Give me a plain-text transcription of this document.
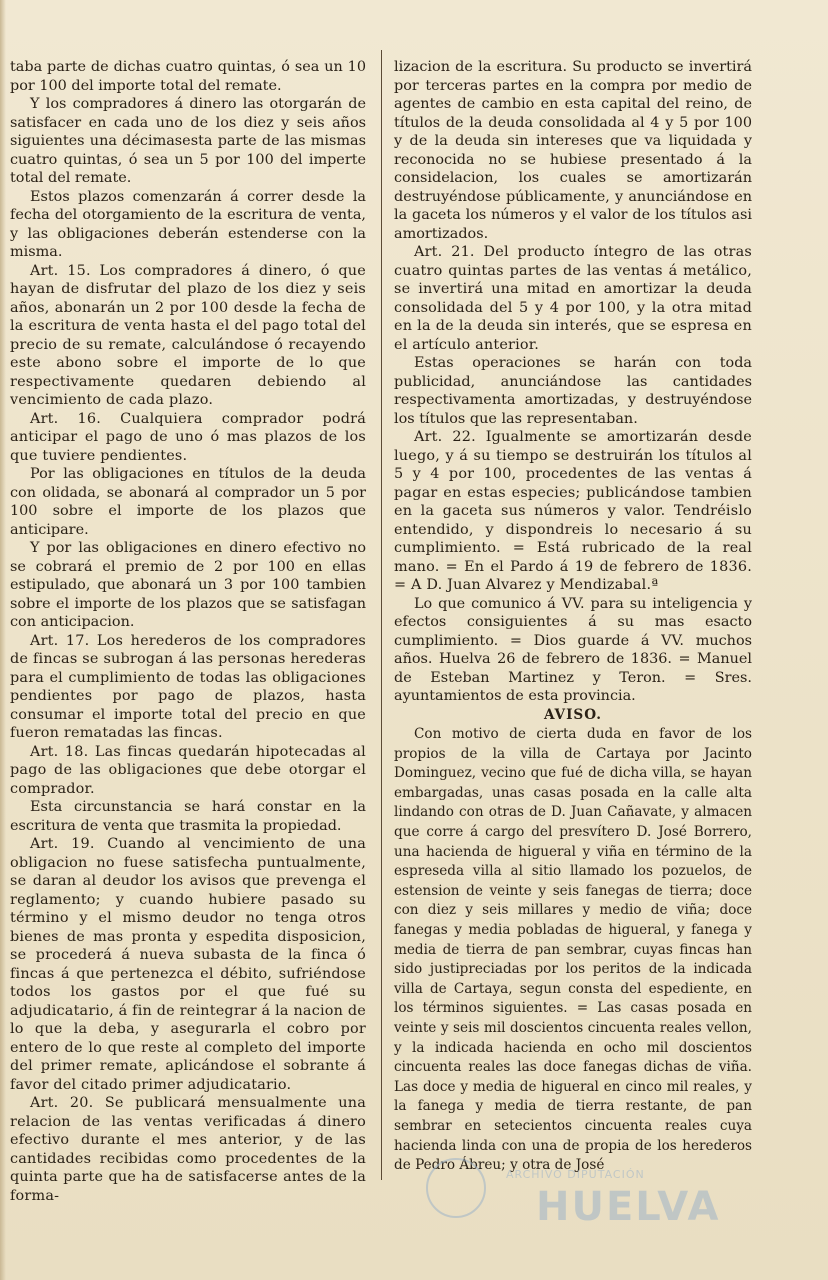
taba parte de dichas cuatro quintas, ó sea un 10 por 100 del importe total del remate.

Y los compradores á dinero las otorgarán de satisfacer en cada uno de los diez y seis años siguientes una décimasesta parte de las mismas cuatro quintas, ó sea un 5 por 100 del imperte total del remate.

Estos plazos comenzarán á correr desde la fecha del otorgamiento de la escritura de venta, y las obligaciones deberán estenderse con la misma.

Art. 15. Los compradores á dinero, ó que hayan de disfrutar del plazo de los diez y seis años, abonarán un 2 por 100 desde la fecha de la escritura de venta hasta el del pago total del precio de su remate, calculándose ó recayendo este abono sobre el importe de lo que respectivamente quedaren debiendo al vencimiento de cada plazo.

Art. 16. Cualquiera comprador podrá anticipar el pago de uno ó mas plazos de los que tuviere pendientes.

Por las obligaciones en títulos de la deuda con olidada, se abonará al comprador un 5 por 100 sobre el importe de los plazos que anticipare.

Y por las obligaciones en dinero efectivo no se cobrará el premio de 2 por 100 en ellas estipulado, que abonará un 3 por 100 tambien sobre el importe de los plazos que se satisfagan con anticipacion.

Art. 17. Los herederos de los compradores de fincas se subrogan á las personas herederas para el cumplimiento de todas las obligaciones pendientes por pago de plazos, hasta consumar el importe total del precio en que fueron rematadas las fincas.

Art. 18. Las fincas quedarán hipotecadas al pago de las obligaciones que debe otorgar el comprador.

Esta circunstancia se hará constar en la escritura de venta que trasmita la propiedad.

Art. 19. Cuando al vencimiento de una obligacion no fuese satisfecha puntualmente, se daran al deudor los avisos que prevenga el reglamento; y cuando hubiere pasado su término y el mismo deudor no tenga otros bienes de mas pronta y espedita disposicion, se procederá á nueva subasta de la finca ó fincas á que pertenezca el débito, sufriéndose todos los gastos por el que fué su adjudicatario, á fin de reintegrar á la nacion de lo que la deba, y asegurarla el cobro por entero de lo que reste al completo del importe del primer remate, aplicándose el sobrante á favor del citado primer adjudicatario.

Art. 20. Se publicará mensualmente una relacion de las ventas verificadas á dinero efectivo durante el mes anterior, y de las cantidades recibidas como procedentes de la quinta parte que ha de satisfacerse antes de la forma-

lizacion de la escritura. Su producto se invertirá por terceras partes en la compra por medio de agentes de cambio en esta capital del reino, de títulos de la deuda consolidada al 4 y 5 por 100 y de la deuda sin intereses que va liquidada y reconocida no se hubiese presentado á la considelacion, los cuales se amortizarán destruyéndose públicamente, y anunciándose en la gaceta los números y el valor de los títulos asi amortizados.

Art. 21. Del producto íntegro de las otras cuatro quintas partes de las ventas á metálico, se invertirá una mitad en amortizar la deuda consolidada del 5 y 4 por 100, y la otra mitad en la de la deuda sin interés, que se espresa en el artículo anterior.

Estas operaciones se harán con toda publicidad, anunciándose las cantidades respectivamenta amortizadas, y destruyéndose los títulos que las representaban.

Art. 22. Igualmente se amortizarán desde luego, y á su tiempo se destruirán los títulos al 5 y 4 por 100, procedentes de las ventas á pagar en estas especies; publicándose tambien en la gaceta sus números y valor. Tendréislo entendido, y dispondreis lo necesario á su cumplimiento. = Está rubricado de la real mano. = En el Pardo á 19 de febrero de 1836. = A D. Juan Alvarez y Mendizabal.ª

Lo que comunico á VV. para su inteligencia y efectos consiguientes á su mas esacto cumplimiento. = Dios guarde á VV. muchos años. Huelva 26 de febrero de 1836. = Manuel de Esteban Martinez y Teron. = Sres. ayuntamientos de esta provincia.

AVISO.

Con motivo de cierta duda en favor de los propios de la villa de Cartaya por Jacinto Dominguez, vecino que fué de dicha villa, se hayan embargadas, unas casas posada en la calle alta lindando con otras de D. Juan Cañavate, y almacen que corre á cargo del presvítero D. José Borrero, una hacienda de higueral y viña en término de la espreseda villa al sitio llamado los pozuelos, de estension de veinte y seis fanegas de tierra; doce con diez y seis millares y medio de viña; doce fanegas y media pobladas de higueral, y fanega y media de tierra de pan sembrar, cuyas fincas han sido justipreciadas por los peritos de la indicada villa de Cartaya, segun consta del espediente, en los términos siguientes. = Las casas posada en veinte y seis mil doscientos cincuenta reales vellon, y la indicada hacienda en ocho mil doscientos cincuenta reales las doce fanegas dichas de viña. Las doce y media de higueral en cinco mil reales, y la fanega y media de tierra restante, de pan sembrar en setecientos cincuenta reales cuya hacienda linda con una de propia de los herederos de Pedro Ábreu; y otra de José

ARCHIVO DIPUTACIÓN
HUELVA
